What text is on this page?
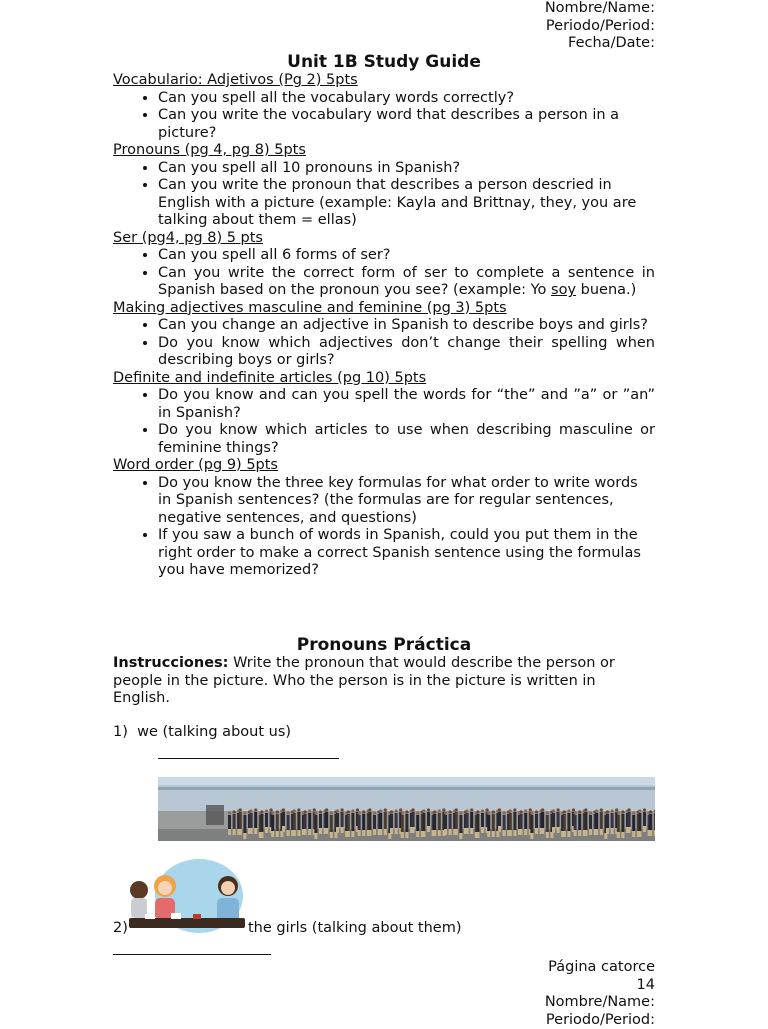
Nombre/Name:
Periodo/Period:
Fecha/Date:
Unit 1B Study Guide
Vocabulario: Adjetivos (Pg 2) 5pts
• Can you spell all the vocabulary words correctly?
• Can you write the vocabulary word that describes a person in a picture?
Pronouns (pg 4, pg 8) 5pts
• Can you spell all 10 pronouns in Spanish?
• Can you write the pronoun that describes a person descried in English with a picture (example: Kayla and Brittnay, they, you are talking about them = ellas)
Ser (pg4, pg 8) 5 pts
• Can you spell all 6 forms of ser?
• Can you write the correct form of ser to complete a sentence in Spanish based on the pronoun you see? (example: Yo soy buena.)
Making adjectives masculine and feminine (pg 3) 5pts
• Can you change an adjective in Spanish to describe boys and girls?
• Do you know which adjectives don’t change their spelling when describing boys or girls?
Definite and indefinite articles (pg 10) 5pts
• Do you know and can you spell the words for “the” and ”a” or ”an” in Spanish?
• Do you know which articles to use when describing masculine or feminine things?
Word order (pg 9) 5pts
• Do you know the three key formulas for what order to write words in Spanish sentences? (the formulas are for regular sentences, negative sentences, and questions)
• If you saw a bunch of words in Spanish, could you put them in the right order to make a correct Spanish sentence using the formulas you have memorized?
Pronouns Práctica
Instrucciones: Write the pronoun that would describe the person or people in the picture. Who the person is in the picture is written in English.
1) we (talking about us)
2)	the girls (talking about them)
Página catorce
14
Nombre/Name:
Periodo/Period:
